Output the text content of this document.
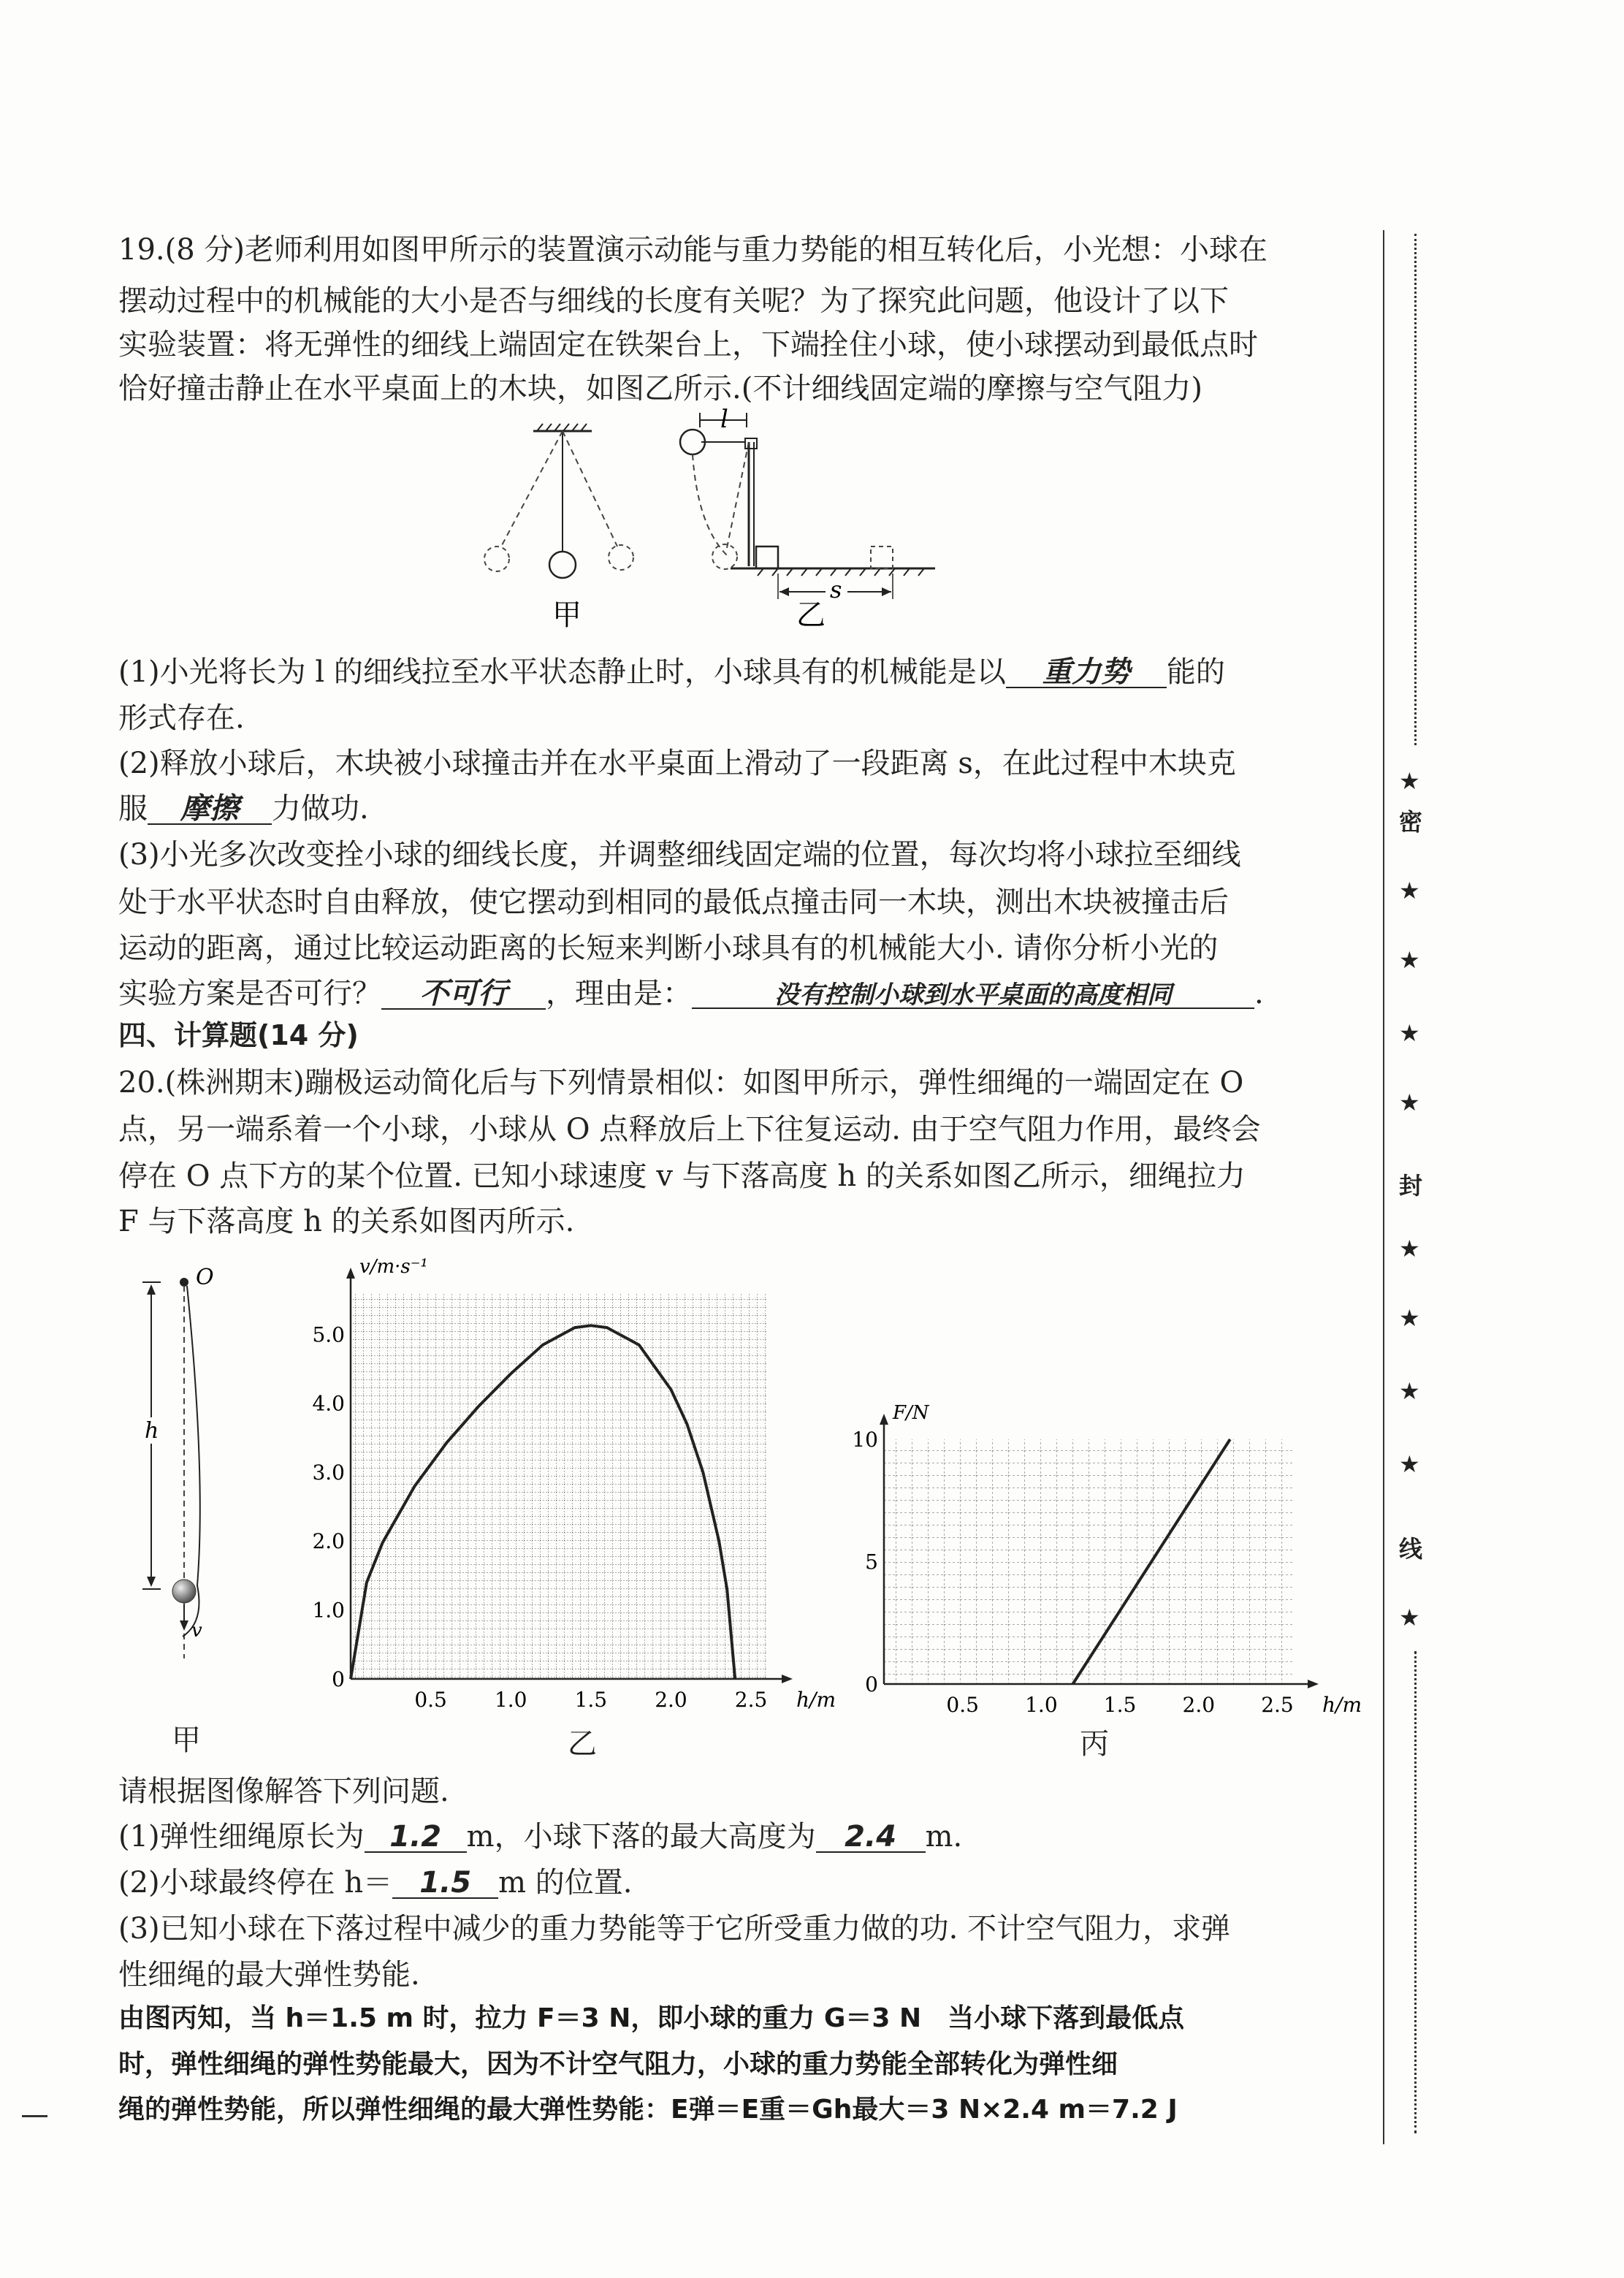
19.(8 分)老师利用如图甲所示的装置演示动能与重力势能的相互转化后，小光想：小球在
摆动过程中的机械能的大小是否与细线的长度有关呢？为了探究此问题，他设计了以下
实验装置：将无弹性的细线上端固定在铁架台上，下端拴住小球，使小球摆动到最低点时
恰好撞击静止在水平桌面上的木块，如图乙所示.(不计细线固定端的摩擦与空气阻力)
甲
l
s
乙
(1)小光将长为 l 的细线拉至水平状态静止时，小球具有的机械能是以 重力势 能的
形式存在.
(2)释放小球后，木块被小球撞击并在水平桌面上滑动了一段距离 s，在此过程中木块克
服 摩擦 力做功.
(3)小光多次改变拴小球的细线长度，并调整细线固定端的位置，每次均将小球拉至细线
处于水平状态时自由释放，使它摆动到相同的最低点撞击同一木块，测出木块被撞击后
运动的距离，通过比较运动距离的长短来判断小球具有的机械能大小. 请你分析小光的
实验方案是否可行？ 不可行 ，理由是：	没有控制小球到水平桌面的高度相同	.
四、计算题(14 分)
20.(株洲期末)蹦极运动简化后与下列情景相似：如图甲所示，弹性细绳的一端固定在 O
点，另一端系着一个小球，小球从 O 点释放后上下往复运动. 由于空气阻力作用，最终会
停在 O 点下方的某个位置. 已知小球速度 v 与下落高度 h 的关系如图乙所示，细绳拉力
F 与下落高度 h 的关系如图丙所示.
O
h
v
甲
0.5 1.0 1.5 2.0 2.5
0
1.0
2.0
3.0
4.0
5.0
h/m
v/m·s⁻¹
乙
0.5 1.0 1.5 2.0 2.5
0
5
10
h/m
F/N
丙
请根据图像解答下列问题.
(1)弹性细绳原长为 1.2 m，小球下落的最大高度为 2.4 m.
(2)小球最终停在 h＝ 1.5 m 的位置.
(3)已知小球在下落过程中减少的重力势能等于它所受重力做的功. 不计空气阻力，求弹
性细绳的最大弹性势能.
由图丙知，当 h＝1.5 m 时，拉力 F＝3 N，即小球的重力 G＝3 N　当小球下落到最低点
时，弹性细绳的弹性势能最大，因为不计空气阻力，小球的重力势能全部转化为弹性细
绳的弹性势能，所以弹性细绳的最大弹性势能：E弹＝E重＝Gh最大＝3 N×2.4 m＝7.2 J
★
密
★
★
★
★
封
★
★
★
★
线
★
